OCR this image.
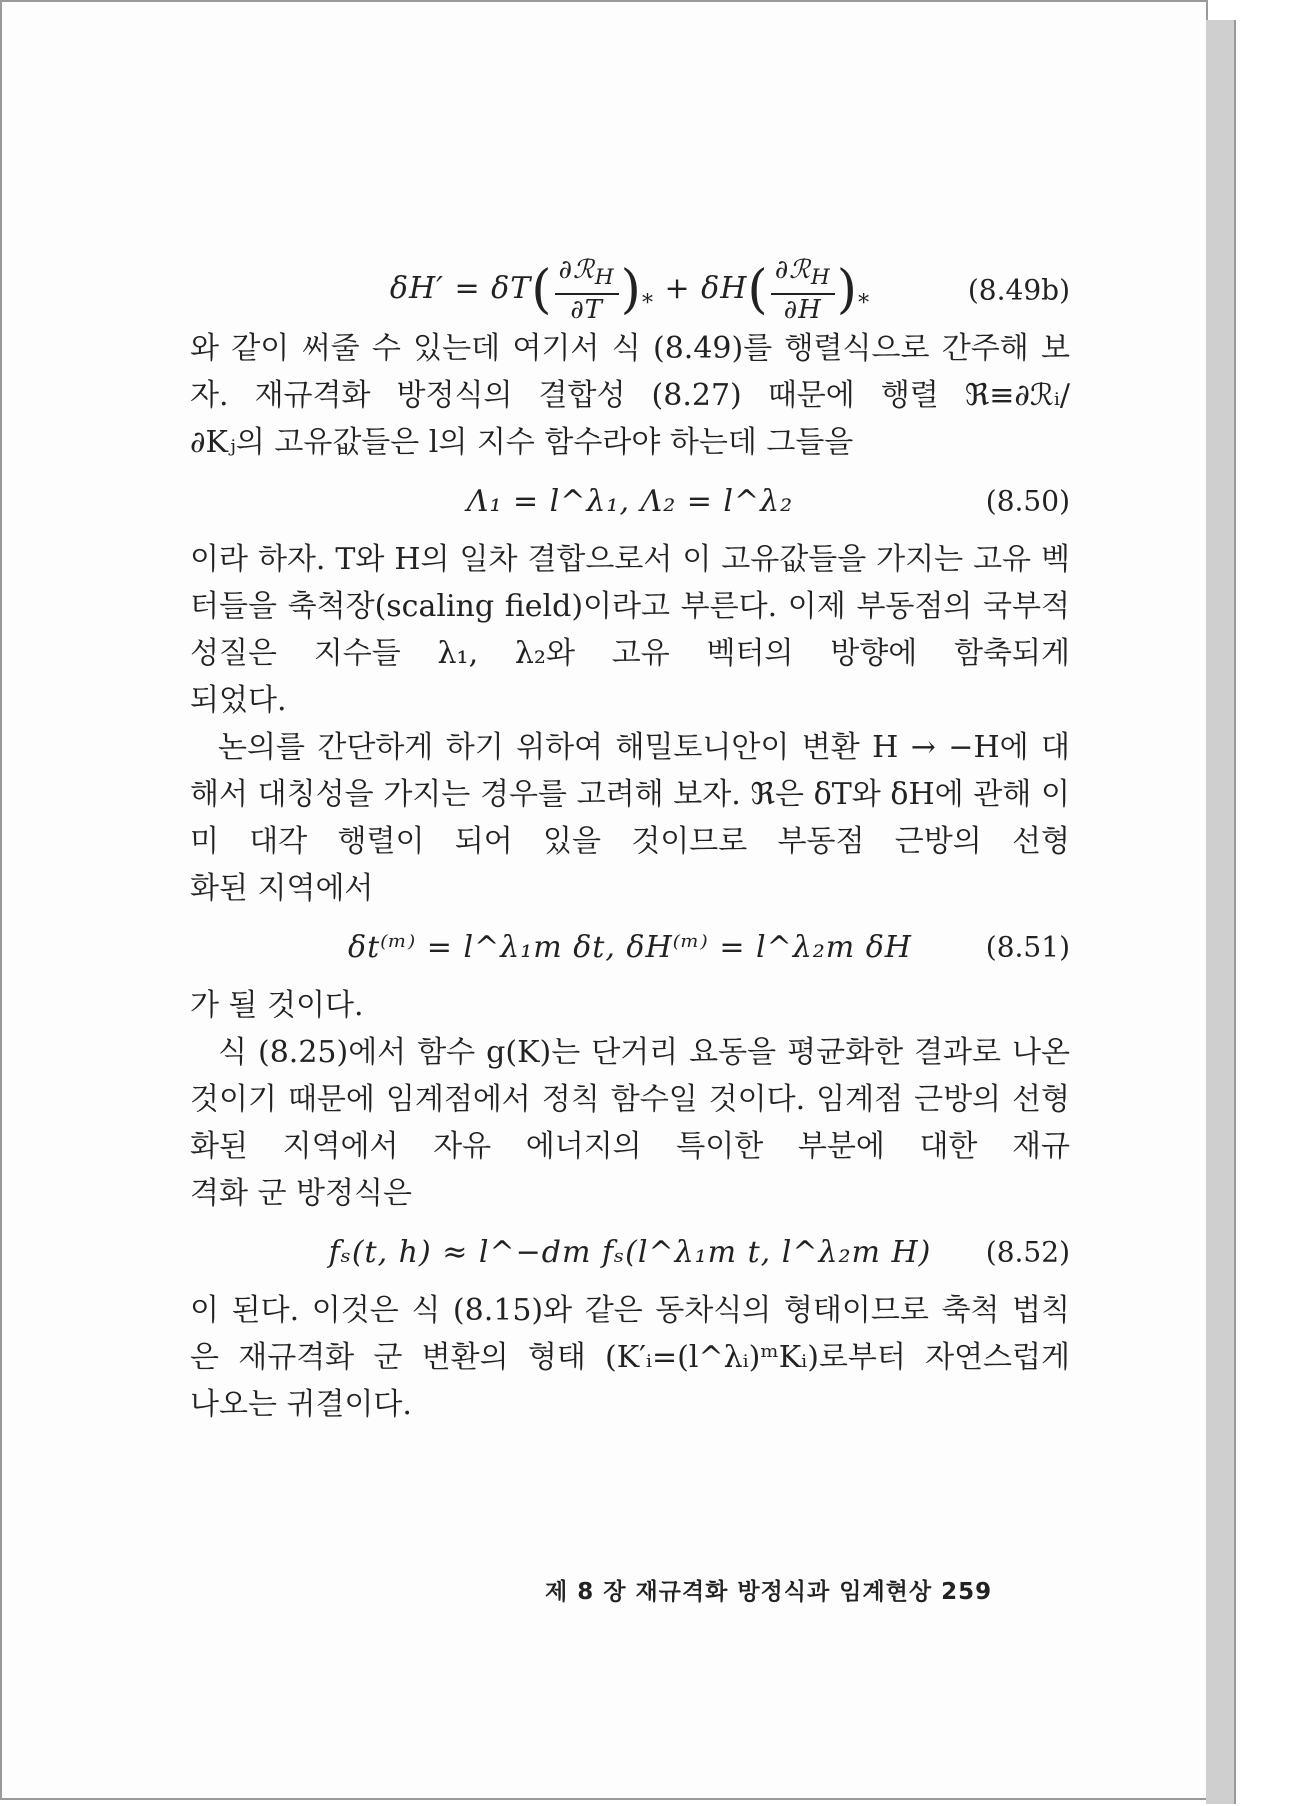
$\delta H' = \delta T( \frac{\partial ℛ_H}{\partial T} )_* + \delta H( \frac{\partial ℛ_H}{\partial H} )_*$	(8.49b)

와 같이 써줄 수 있는데 여기서 식 (8.49)를 행렬식으로 간주해 보자. 재규격화 방정식의 결합성 (8.27) 때문에 행렬 ℜ≡∂ℛᵢ/

∂Kⱼ의 고유값들은 l의 지수 함수라야 하는데 그들을

Λ₁ = l^λ₁, Λ₂ = l^λ₂	(8.50)

이라 하자. T와 H의 일차 결합으로서 이 고유값들을 가지는 고유 벡터들을 축척장(scaling field)이라고 부른다. 이제 부동점의 국부적 성질은 지수들 λ₁, λ₂와 고유 벡터의 방향에 함축되게

되었다.

논의를 간단하게 하기 위하여 해밀토니안이 변환 H → −H에 대해서 대칭성을 가지는 경우를 고려해 보자. ℜ은 δT와 δH에 관해 이미 대각 행렬이 되어 있을 것이므로 부동점 근방의 선형

화된 지역에서

δt⁽ᵐ⁾ = l^λ₁m δt, δH⁽ᵐ⁾ = l^λ₂m δH	(8.51)

가 될 것이다.

식 (8.25)에서 함수 g(K)는 단거리 요동을 평균화한 결과로 나온 것이기 때문에 임계점에서 정칙 함수일 것이다. 임계점 근방의 선형화된 지역에서 자유 에너지의 특이한 부분에 대한 재규

격화 군 방정식은

fₛ(t, h) ≈ l^−dm fₛ(l^λ₁m t, l^λ₂m H) (8.52)

이 된다. 이것은 식 (8.15)와 같은 동차식의 형태이므로 축척 법칙은 재규격화 군 변환의 형태 (K′ᵢ=(l^λᵢ)ᵐKᵢ)로부터 자연스럽게

나오는 귀결이다.

제 8 장 재규격화 방정식과 임계현상 259
